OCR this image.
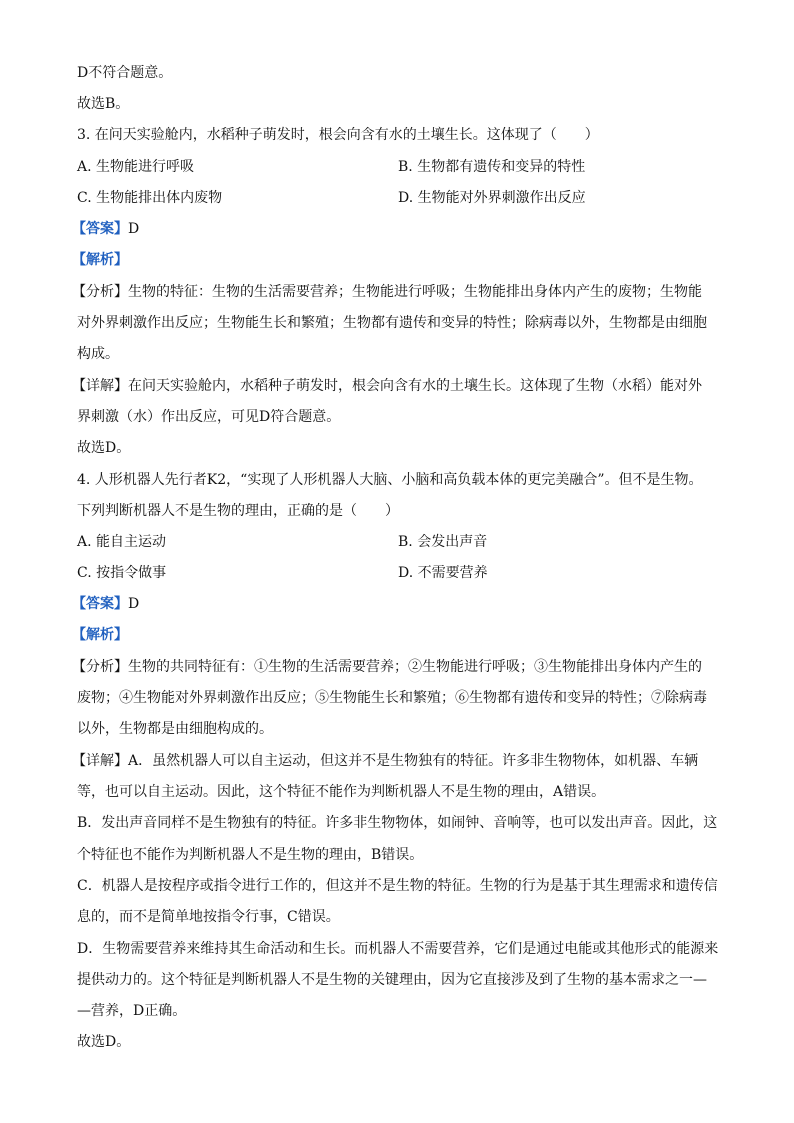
D不符合题意。
故选B。
3. 在问天实验舱内，水稻种子萌发时，根会向含有水的土壤生长。这体现了（　　）
A. 生物能进行呼吸	B. 生物都有遗传和变异的特性
C. 生物能排出体内废物	D. 生物能对外界刺激作出反应
【答案】D
【解析】
【分析】生物的特征：生物的生活需要营养；生物能进行呼吸；生物能排出身体内产生的废物；生物能
对外界刺激作出反应；生物能生长和繁殖；生物都有遗传和变异的特性；除病毒以外，生物都是由细胞
构成。
【详解】在问天实验舱内，水稻种子萌发时，根会向含有水的土壤生长。这体现了生物（水稻）能对外
界刺激（水）作出反应，可见D符合题意。
故选D。
4. 人形机器人先行者K2，“实现了人形机器人大脑、小脑和高负载本体的更完美融合”。但不是生物。
下列判断机器人不是生物的理由，正确的是（　　）
A. 能自主运动	B. 会发出声音
C. 按指令做事	D. 不需要营养
【答案】D
【解析】
【分析】生物的共同特征有：①生物的生活需要营养；②生物能进行呼吸；③生物能排出身体内产生的
废物；④生物能对外界刺激作出反应；⑤生物能生长和繁殖；⑥生物都有遗传和变异的特性；⑦除病毒
以外，生物都是由细胞构成的。
【详解】A．虽然机器人可以自主运动，但这并不是生物独有的特征。许多非生物物体，如机器、车辆
等，也可以自主运动。因此，这个特征不能作为判断机器人不是生物的理由，A错误。
B．发出声音同样不是生物独有的特征。许多非生物物体，如闹钟、音响等，也可以发出声音。因此，这
个特征也不能作为判断机器人不是生物的理由，B错误。
C．机器人是按程序或指令进行工作的，但这并不是生物的特征。生物的行为是基于其生理需求和遗传信
息的，而不是简单地按指令行事，C错误。
D．生物需要营养来维持其生命活动和生长。而机器人不需要营养，它们是通过电能或其他形式的能源来
提供动力的。这个特征是判断机器人不是生物的关键理由，因为它直接涉及到了生物的基本需求之一—
—营养，D正确。
故选D。
